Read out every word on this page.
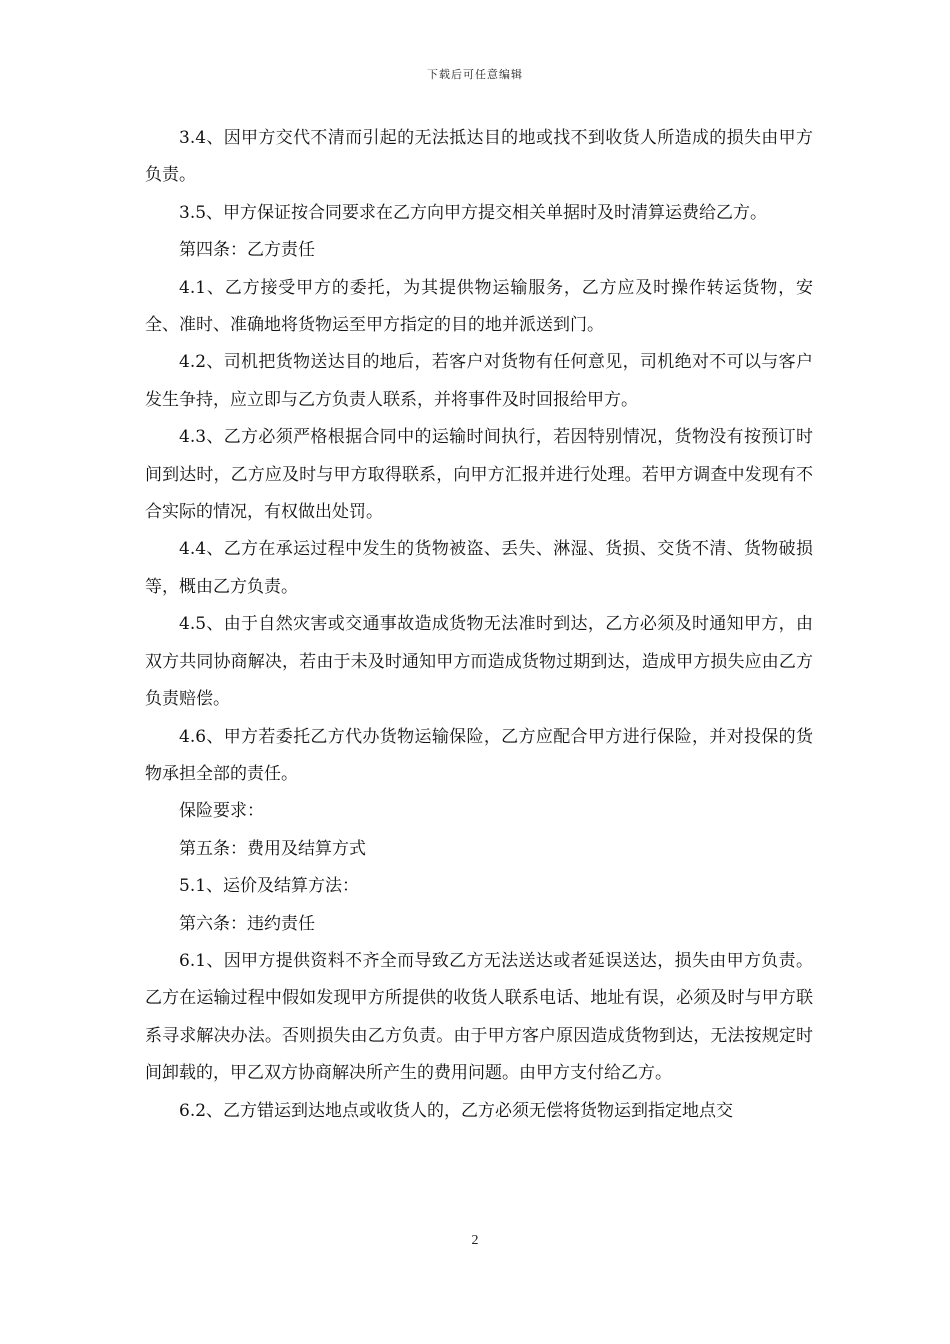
下载后可任意编辑

3.4、因甲方交代不清而引起的无法抵达目的地或找不到收货人所造成的损失由甲方负责。

3.5、甲方保证按合同要求在乙方向甲方提交相关单据时及时清算运费给乙方。

第四条：乙方责任

4.1、乙方接受甲方的委托，为其提供物运输服务，乙方应及时操作转运货物，安全、准时、准确地将货物运至甲方指定的目的地并派送到门。

4.2、司机把货物送达目的地后，若客户对货物有任何意见，司机绝对不可以与客户发生争持，应立即与乙方负责人联系，并将事件及时回报给甲方。

4.3、乙方必须严格根据合同中的运输时间执行，若因特别情况，货物没有按预订时间到达时，乙方应及时与甲方取得联系，向甲方汇报并进行处理。若甲方调查中发现有不合实际的情况，有权做出处罚。

4.4、乙方在承运过程中发生的货物被盗、丢失、淋湿、货损、交货不清、货物破损等，概由乙方负责。

4.5、由于自然灾害或交通事故造成货物无法准时到达，乙方必须及时通知甲方，由双方共同协商解决，若由于未及时通知甲方而造成货物过期到达，造成甲方损失应由乙方负责赔偿。

4.6、甲方若委托乙方代办货物运输保险，乙方应配合甲方进行保险，并对投保的货物承担全部的责任。

保险要求：

第五条：费用及结算方式

5.1、运价及结算方法：

第六条：违约责任

6.1、因甲方提供资料不齐全而导致乙方无法送达或者延误送达，损失由甲方负责。乙方在运输过程中假如发现甲方所提供的收货人联系电话、地址有误，必须及时与甲方联系寻求解决办法。否则损失由乙方负责。由于甲方客户原因造成货物到达，无法按规定时间卸载的，甲乙双方协商解决所产生的费用问题。由甲方支付给乙方。

6.2、乙方错运到达地点或收货人的，乙方必须无偿将货物运到指定地点交

2
